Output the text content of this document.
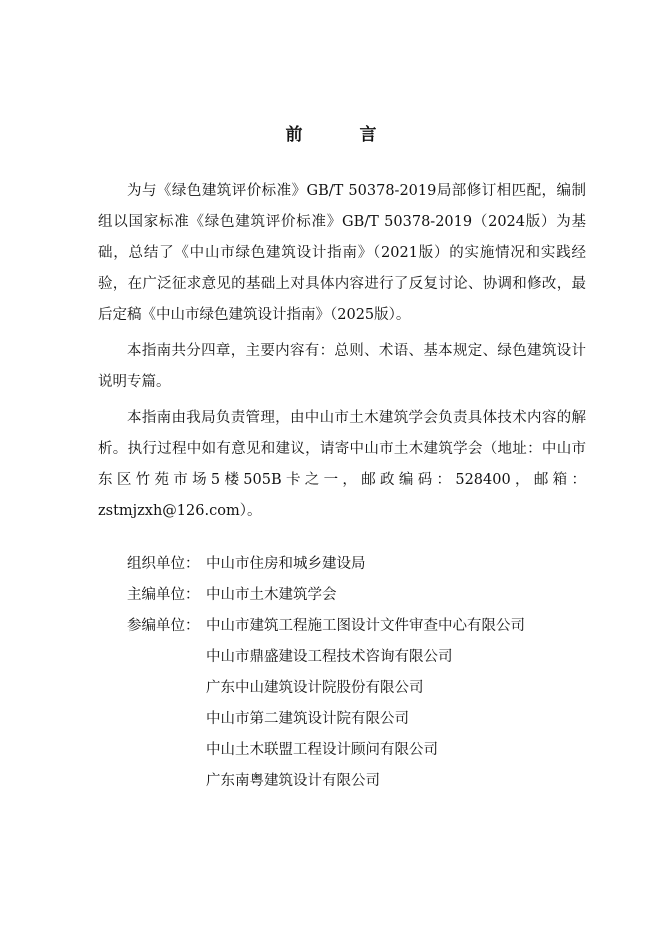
前　言

为与《绿色建筑评价标准》GB/T 50378-2019局部修订相匹配，编制组以国家标准《绿色建筑评价标准》GB/T 50378-2019（2024版）为基础，总结了《中山市绿色建筑设计指南》（2021版）的实施情况和实践经验，在广泛征求意见的基础上对具体内容进行了反复讨论、协调和修改，最后定稿《中山市绿色建筑设计指南》（2025版）。

本指南共分四章，主要内容有：总则、术语、基本规定、绿色建筑设计说明专篇。

本指南由我局负责管理，由中山市土木建筑学会负责具体技术内容的解析。执行过程中如有意见和建议，请寄中山市土木建筑学会（地址：中山市东区竹苑市场5楼505B卡之一，邮政编码：528400，邮箱：zstmjzxh@126.com）。

组织单位： 中山市住房和城乡建设局
主编单位： 中山市土木建筑学会
参编单位： 中山市建筑工程施工图设计文件审查中心有限公司
中山市鼎盛建设工程技术咨询有限公司
广东中山建筑设计院股份有限公司
中山市第二建筑设计院有限公司
中山土木联盟工程设计顾问有限公司
广东南粤建筑设计有限公司
